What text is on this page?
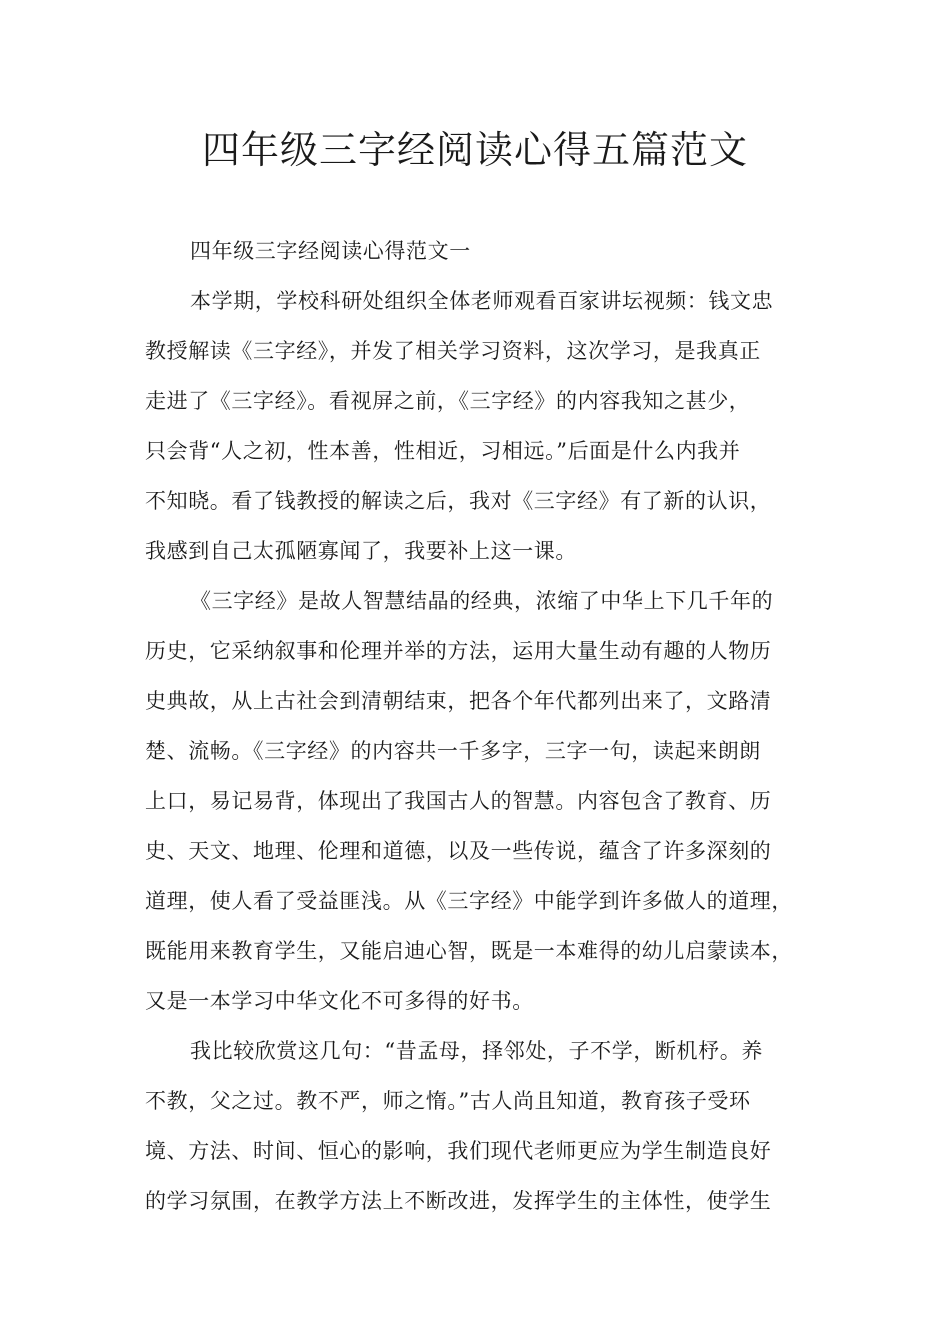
四年级三字经阅读心得五篇范文
四年级三字经阅读心得范文一
本学期，学校科研处组织全体老师观看百家讲坛视频：钱文忠
教授解读《三字经》，并发了相关学习资料，这次学习，是我真正
走进了《三字经》。看视屏之前，《三字经》的内容我知之甚少，
只会背“人之初，性本善，性相近，习相远。”后面是什么内我并
不知晓。看了钱教授的解读之后，我对《三字经》有了新的认识，
我感到自己太孤陋寡闻了，我要补上这一课。
《三字经》是故人智慧结晶的经典，浓缩了中华上下几千年的
历史，它采纳叙事和伦理并举的方法，运用大量生动有趣的人物历
史典故，从上古社会到清朝结束，把各个年代都列出来了，文路清
楚、流畅。《三字经》的内容共一千多字，三字一句，读起来朗朗
上口，易记易背，体现出了我国古人的智慧。内容包含了教育、历
史、天文、地理、伦理和道德，以及一些传说，蕴含了许多深刻的
道理，使人看了受益匪浅。从《三字经》中能学到许多做人的道理，
既能用来教育学生，又能启迪心智，既是一本难得的幼儿启蒙读本，
又是一本学习中华文化不可多得的好书。
我比较欣赏这几句：“昔孟母，择邻处，子不学，断机杼。养
不教，父之过。教不严，师之惰。”古人尚且知道，教育孩子受环
境、方法、时间、恒心的影响，我们现代老师更应为学生制造良好
的学习氛围，在教学方法上不断改进，发挥学生的主体性，使学生
